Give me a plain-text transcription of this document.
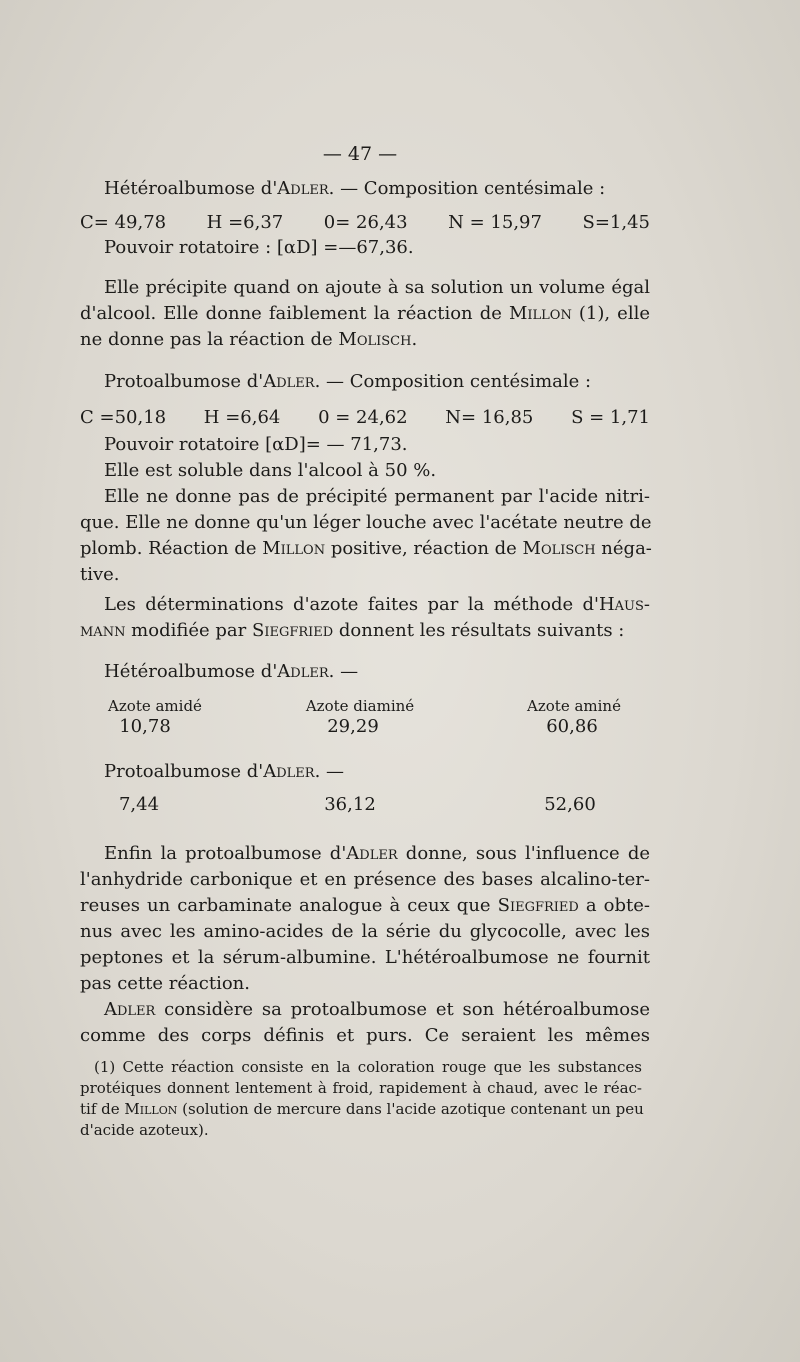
— 47 —
Hétéroalbumose d'Adler. — Composition centésimale :
C= 49,78 H =6,37 0= 26,43 N = 15,97 S=1,45
Pouvoir rotatoire : [αD] =—67,36.
Elle précipite quand on ajoute à sa solution un volume égal
d'alcool. Elle donne faiblement la réaction de Millon (1), elle
ne donne pas la réaction de Molisch.
Protoalbumose d'Adler. — Composition centésimale :
C =50,18 H =6,64 0 = 24,62 N= 16,85 S = 1,71
Pouvoir rotatoire [αD]= — 71,73.
Elle est soluble dans l'alcool à 50 %.
Elle ne donne pas de précipité permanent par l'acide nitri-
que. Elle ne donne qu'un léger louche avec l'acétate neutre de
plomb. Réaction de Millon positive, réaction de Molisch néga-
tive.
Les déterminations d'azote faites par la méthode d'Haus-
mann modifiée par Siegfried donnent les résultats suivants :
Hétéroalbumose d'Adler. —
Azote amidé	Azote diaminé	Azote aminé
10,78	29,29	60,86
Protoalbumose d'Adler. —
7,44	36,12	52,60
Enfin la protoalbumose d'Adler donne, sous l'influence de
l'anhydride carbonique et en présence des bases alcalino-ter-
reuses un carbaminate analogue à ceux que Siegfried a obte-
nus avec les amino-acides de la série du glycocolle, avec les
peptones et la sérum-albumine. L'hétéroalbumose ne fournit
pas cette réaction.
Adler considère sa protoalbumose et son hétéroalbumose
comme des corps définis et purs. Ce seraient les mêmes
(1) Cette réaction consiste en la coloration rouge que les substances
protéiques donnent lentement à froid, rapidement à chaud, avec le réac-
tif de Millon (solution de mercure dans l'acide azotique contenant un peu
d'acide azoteux).
